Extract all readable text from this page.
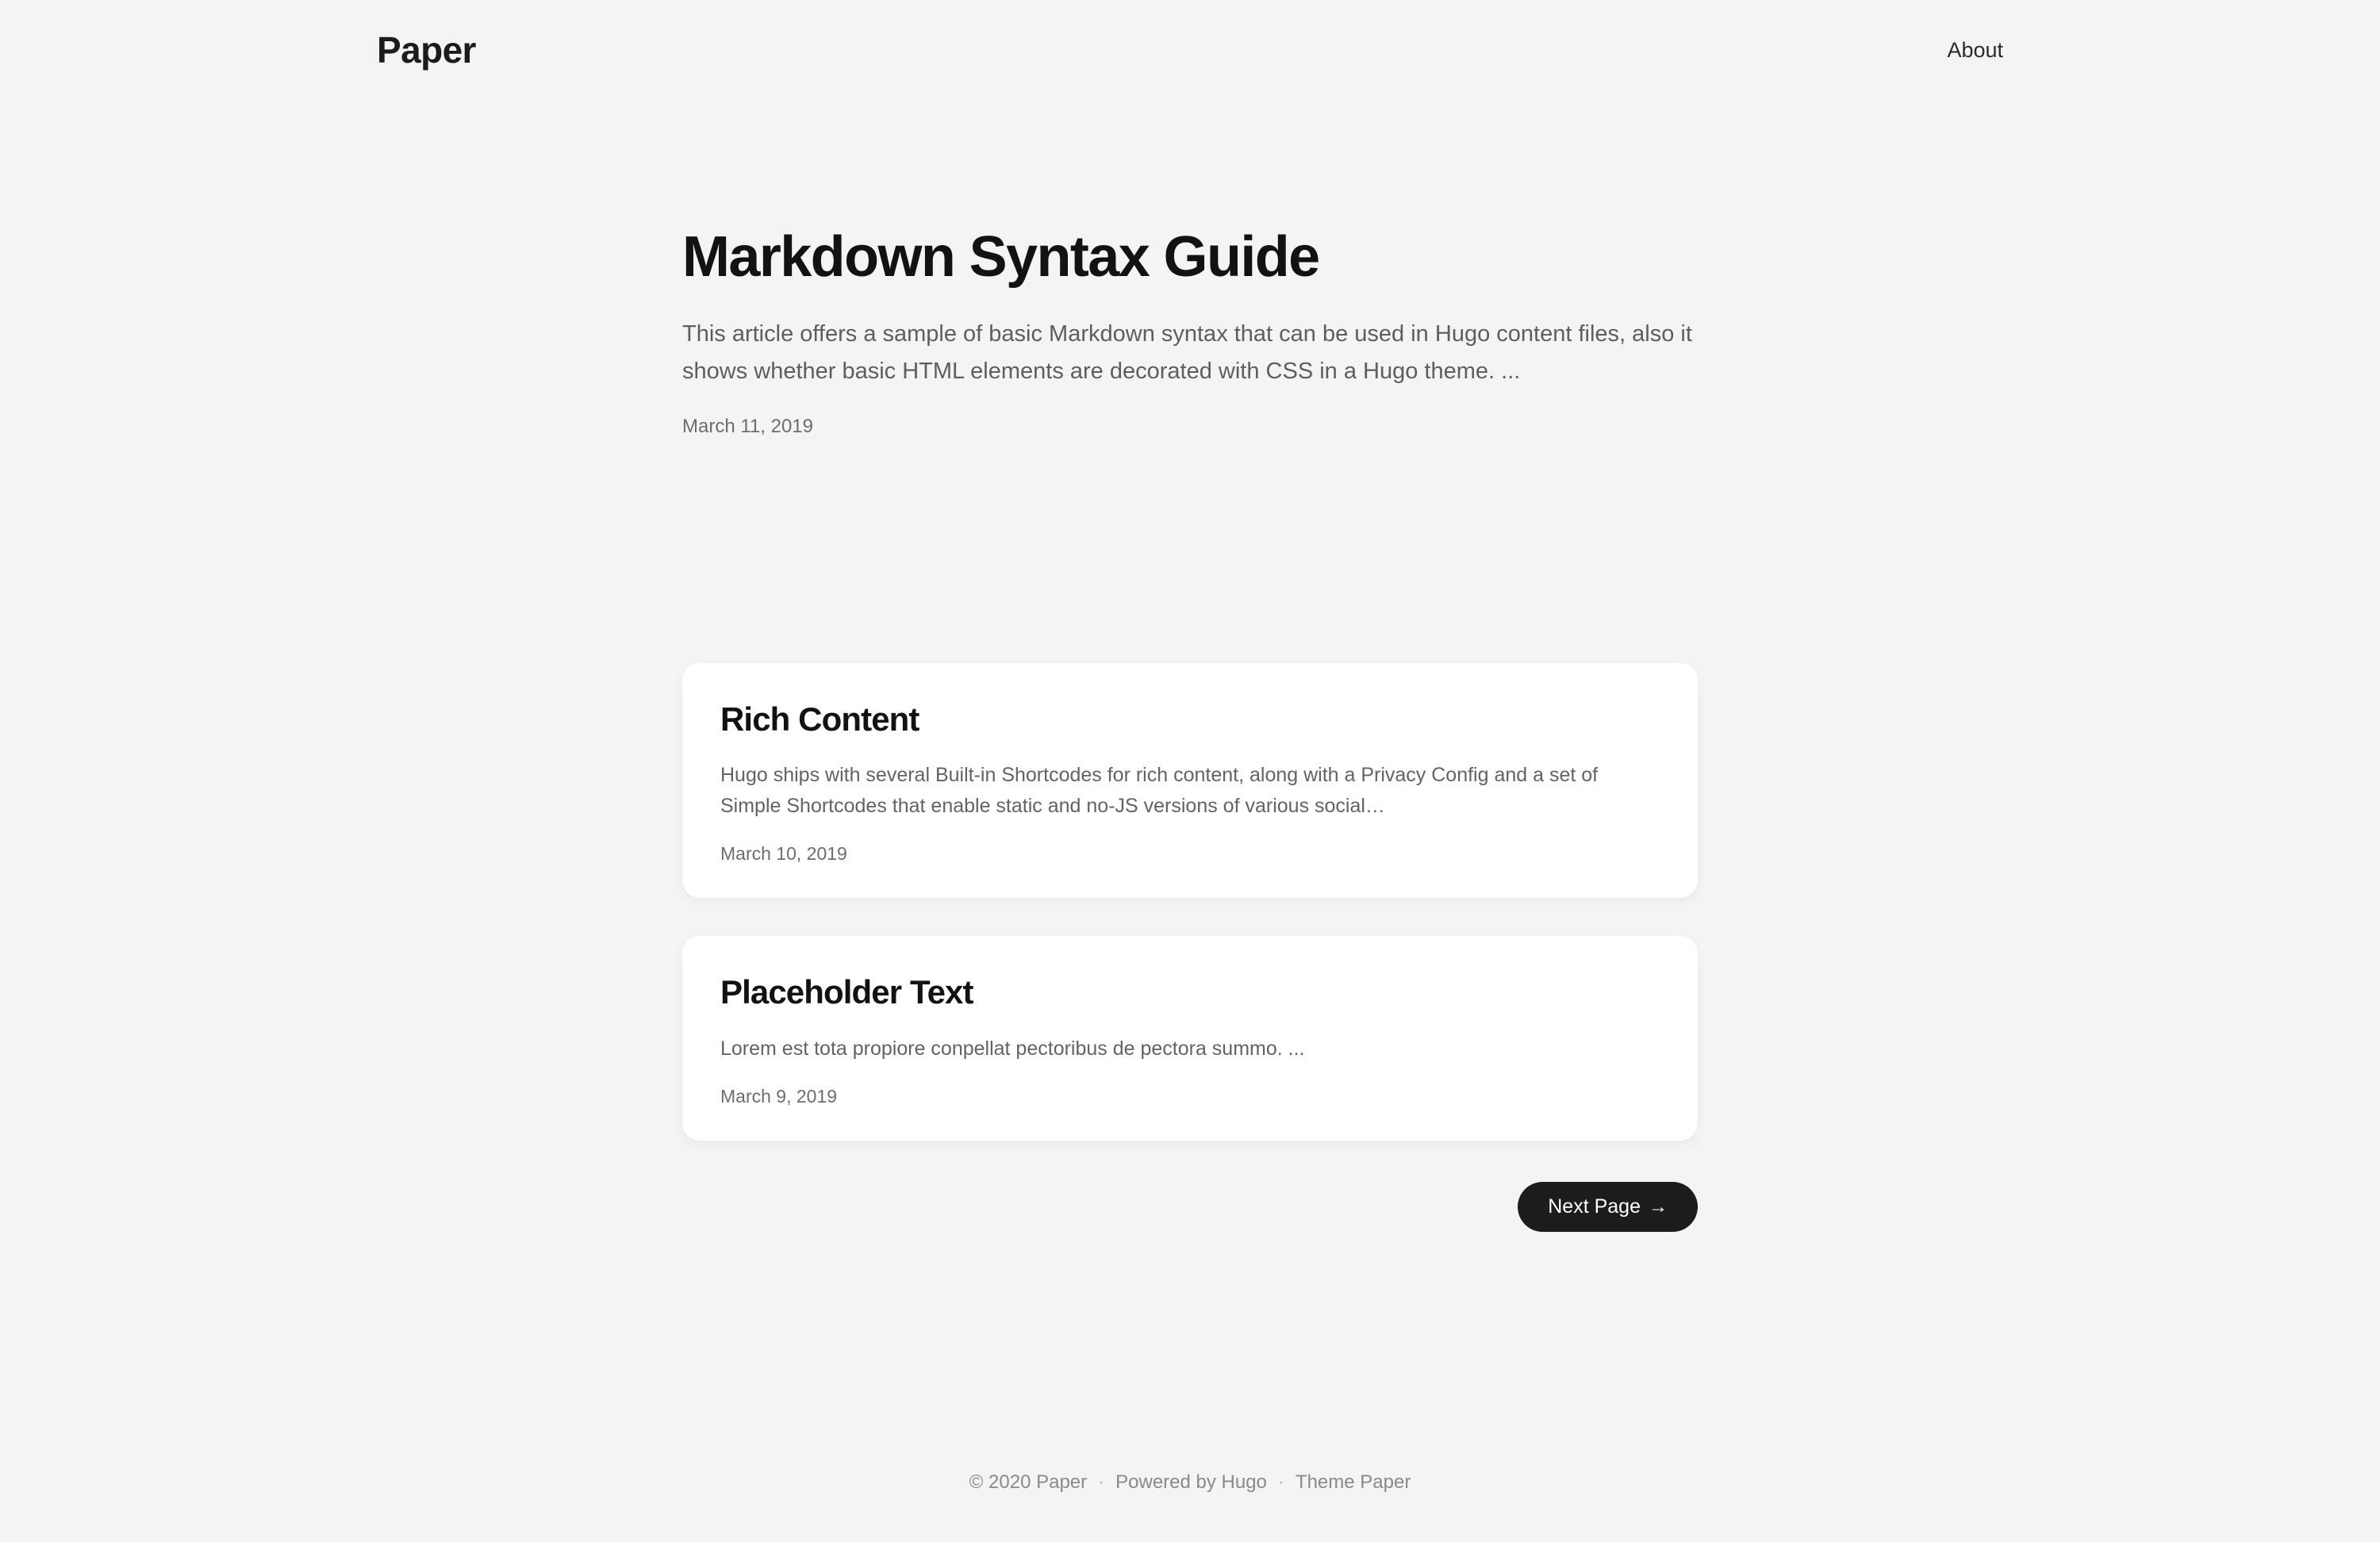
Paper	About
Markdown Syntax Guide

This article offers a sample of basic Markdown syntax that can be used in Hugo content files, also it shows whether basic HTML elements are decorated with CSS in a Hugo theme. ...

March 11, 2019
Rich Content

Hugo ships with several Built-in Shortcodes for rich content, along with a Privacy Config and a set of Simple Shortcodes that enable static and no-JS versions of various social…

March 10, 2019
Placeholder Text

Lorem est tota propiore conpellat pectoribus de pectora summo. ...

March 9, 2019
Next Page →
© 2020 Paper · Powered by Hugo · Theme Paper
